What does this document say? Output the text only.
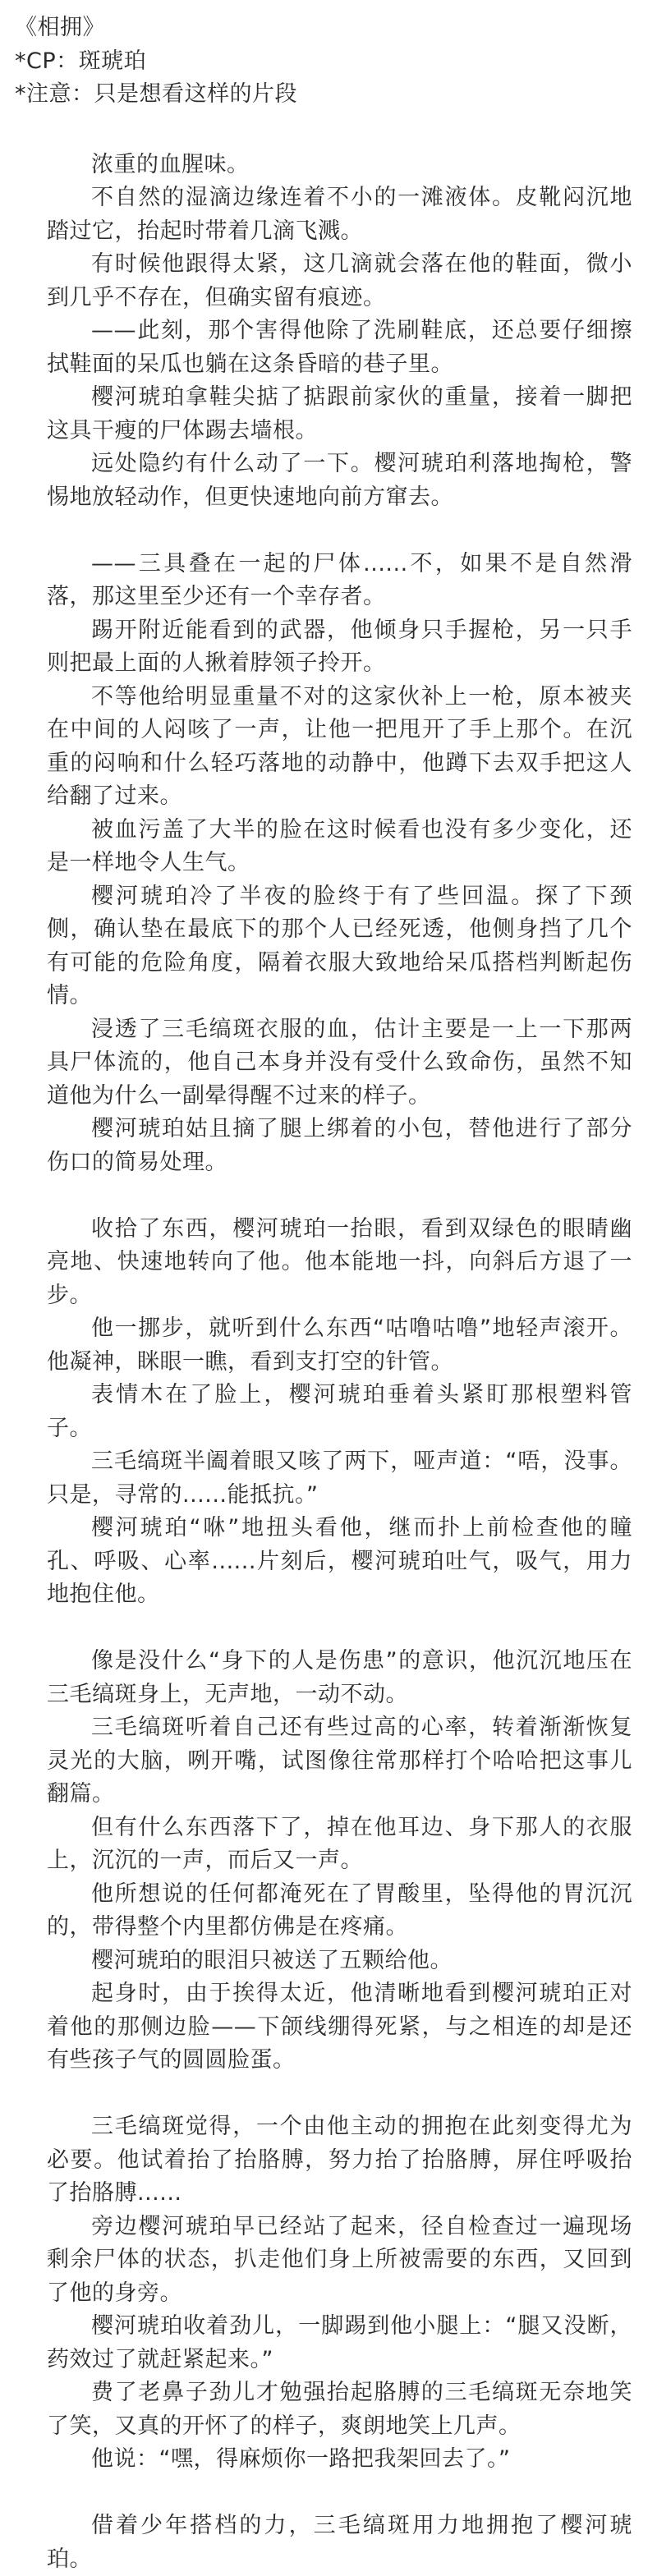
《相拥》

*CP：斑琥珀

*注意：只是想看这样的片段

浓重的血腥味。

不自然的湿滴边缘连着不小的一滩液体。皮靴闷沉地踏过它，抬起时带着几滴飞溅。

有时候他跟得太紧，这几滴就会落在他的鞋面，微小到几乎不存在，但确实留有痕迹。

——此刻，那个害得他除了洗刷鞋底，还总要仔细擦拭鞋面的呆瓜也躺在这条昏暗的巷子里。

樱河琥珀拿鞋尖掂了掂跟前家伙的重量，接着一脚把这具干瘦的尸体踢去墙根。

远处隐约有什么动了一下。樱河琥珀利落地掏枪，警惕地放轻动作，但更快速地向前方窜去。

——三具叠在一起的尸体......不，如果不是自然滑落，那这里至少还有一个幸存者。

踢开附近能看到的武器，他倾身只手握枪，另一只手则把最上面的人揪着脖领子拎开。

不等他给明显重量不对的这家伙补上一枪，原本被夹在中间的人闷咳了一声，让他一把甩开了手上那个。在沉重的闷响和什么轻巧落地的动静中，他蹲下去双手把这人给翻了过来。

被血污盖了大半的脸在这时候看也没有多少变化，还是一样地令人生气。

樱河琥珀冷了半夜的脸终于有了些回温。探了下颈侧，确认垫在最底下的那个人已经死透，他侧身挡了几个有可能的危险角度，隔着衣服大致地给呆瓜搭档判断起伤情。

浸透了三毛缟斑衣服的血，估计主要是一上一下那两具尸体流的，他自己本身并没有受什么致命伤，虽然不知道他为什么一副晕得醒不过来的样子。

樱河琥珀姑且摘了腿上绑着的小包，替他进行了部分伤口的简易处理。

收拾了东西，樱河琥珀一抬眼，看到双绿色的眼睛幽亮地、快速地转向了他。他本能地一抖，向斜后方退了一步。

他一挪步，就听到什么东西“咕噜咕噜”地轻声滚开。他凝神，眯眼一瞧，看到支打空的针管。

表情木在了脸上，樱河琥珀垂着头紧盯那根塑料管子。

三毛缟斑半阖着眼又咳了两下，哑声道：“唔，没事。只是，寻常的......能抵抗。”

樱河琥珀“咻”地扭头看他，继而扑上前检查他的瞳孔、呼吸、心率......片刻后，樱河琥珀吐气，吸气，用力地抱住他。

像是没什么“身下的人是伤患”的意识，他沉沉地压在三毛缟斑身上，无声地，一动不动。

三毛缟斑听着自己还有些过高的心率，转着渐渐恢复灵光的大脑，咧开嘴，试图像往常那样打个哈哈把这事儿翻篇。

但有什么东西落下了，掉在他耳边、身下那人的衣服上，沉沉的一声，而后又一声。

他所想说的任何都淹死在了胃酸里，坠得他的胃沉沉的，带得整个内里都仿佛是在疼痛。

樱河琥珀的眼泪只被送了五颗给他。

起身时，由于挨得太近，他清晰地看到樱河琥珀正对着他的那侧边脸——下颌线绷得死紧，与之相连的却是还有些孩子气的圆圆脸蛋。

三毛缟斑觉得，一个由他主动的拥抱在此刻变得尤为必要。他试着抬了抬胳膊，努力抬了抬胳膊，屏住呼吸抬了抬胳膊......

旁边樱河琥珀早已经站了起来，径自检查过一遍现场剩余尸体的状态，扒走他们身上所被需要的东西，又回到了他的身旁。

樱河琥珀收着劲儿，一脚踢到他小腿上：“腿又没断，药效过了就赶紧起来。”

费了老鼻子劲儿才勉强抬起胳膊的三毛缟斑无奈地笑了笑，又真的开怀了的样子，爽朗地笑上几声。

他说：“嘿，得麻烦你一路把我架回去了。”

借着少年搭档的力，三毛缟斑用力地拥抱了樱河琥珀。
